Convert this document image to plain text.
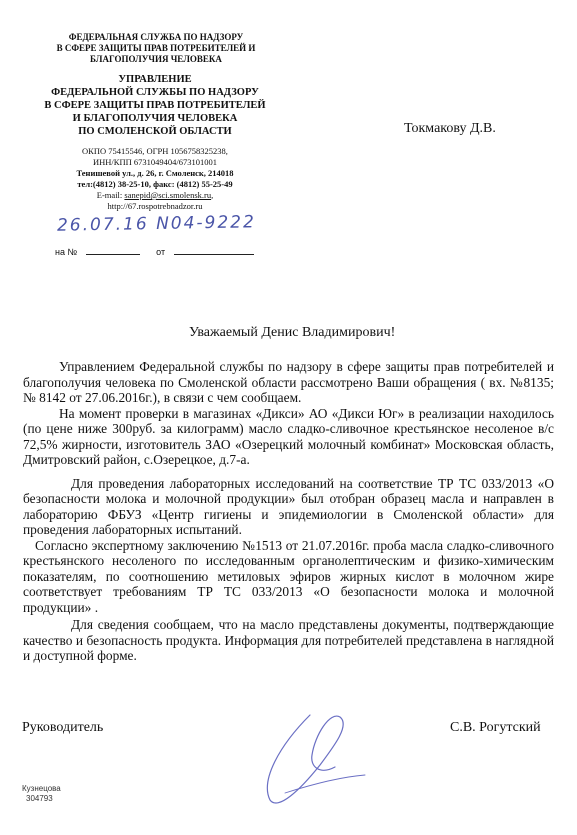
ФЕДЕРАЛЬНАЯ СЛУЖБА ПО НАДЗОРУ
В СФЕРЕ ЗАЩИТЫ ПРАВ ПОТРЕБИТЕЛЕЙ И
БЛАГОПОЛУЧИЯ ЧЕЛОВЕКА
УПРАВЛЕНИЕ
ФЕДЕРАЛЬНОЙ СЛУЖБЫ ПО НАДЗОРУ
В СФЕРЕ ЗАЩИТЫ ПРАВ ПОТРЕБИТЕЛЕЙ
И БЛАГОПОЛУЧИЯ ЧЕЛОВЕКА
ПО СМОЛЕНСКОЙ ОБЛАСТИ
ОКПО 75415546, ОГРН 1056758325238,
ИНН/КПП 6731049404/673101001
Тенишевой ул., д. 26, г. Смоленск, 214018
тел:(4812) 38-25-10, факс: (4812) 55-25-49
E-mail: sanepid@sci.smolensk.ru,
http://67.rospotrebnadzor.ru
26.07.16 N04-9222
на №	от
Токмакову Д.В.
Уважаемый Денис Владимирович!

Управлением Федеральной службы по надзору в сфере защиты прав потребителей и благополучия человека по Смоленской области рассмотрено Ваши обращения ( вх. №8135; № 8142 от 27.06.2016г.), в связи с чем сообщаем.

На момент проверки в магазинах «Дикси» АО «Дикси Юг» в реализации находилось (по цене ниже 300руб. за килограмм) масло сладко-сливочное крестьянское несоленое в/с 72,5% жирности, изготовитель ЗАО «Озерецкий молочный комбинат» Московская область, Дмитровский район, с.Озерецкое, д.7-а.

Для проведения лабораторных исследований на соответствие ТР ТС 033/2013 «О безопасности молока и молочной продукции» был отобран образец масла и направлен в лабораторию ФБУЗ «Центр гигиены и эпидемиологии в Смоленской области» для проведения лабораторных испытаний.

Согласно экспертному заключению №1513 от 21.07.2016г. проба масла сладко-сливочного крестьянского несоленого по исследованным органолептическим и физико-химическим показателям, по соотношению метиловых эфиров жирных кислот в молочном жире соответствует требованиям ТР ТС 033/2013 «О безопасности молока и молочной продукции» .

Для сведения сообщаем, что на масло представлены документы, подтверждающие качество и безопасность продукта. Информация для потребителей представлена в наглядной и доступной форме.

Руководитель	С.В. Рогутский
Кузнецова
304793
